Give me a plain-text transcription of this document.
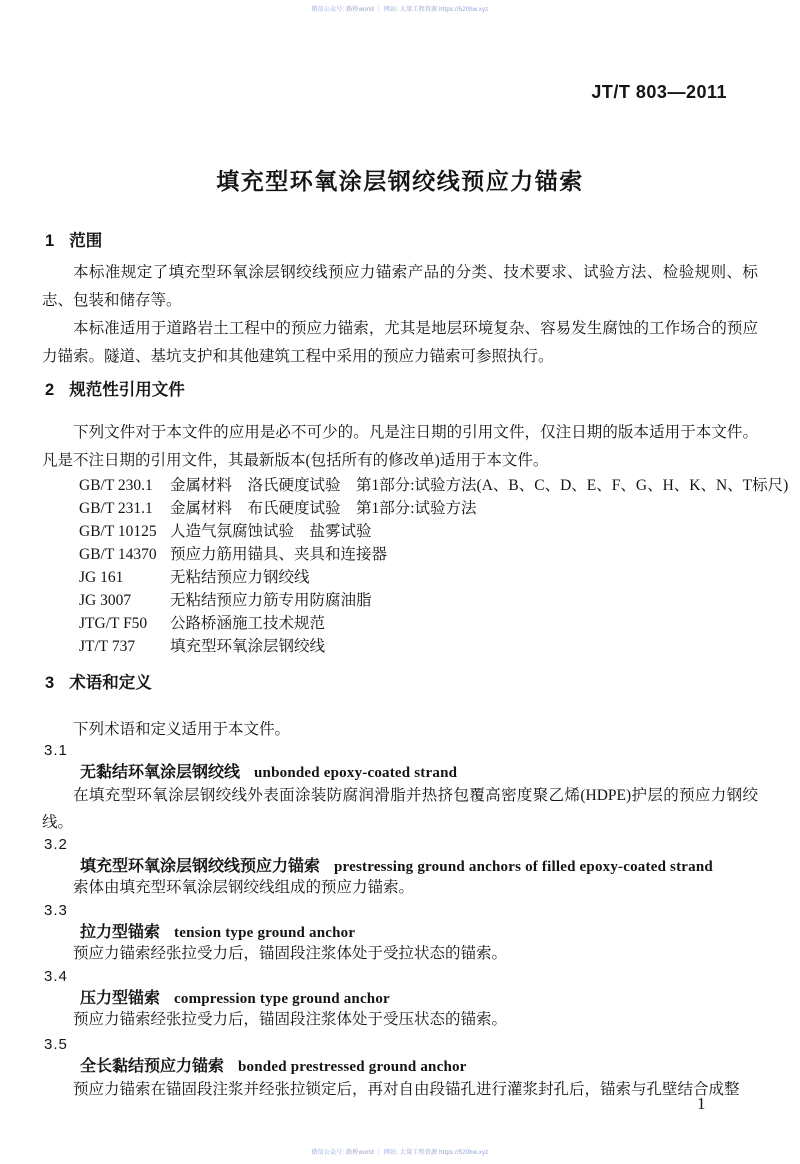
微信公众号: 路桥world ｜ 网站: 大量工程资源 https://520hw.xyz
JT/T 803—2011
填充型环氧涂层钢绞线预应力锚索
1 范围

本标准规定了填充型环氧涂层钢绞线预应力锚索产品的分类、技术要求、试验方法、检验规则、标志、包装和储存等。

本标准适用于道路岩土工程中的预应力锚索，尤其是地层环境复杂、容易发生腐蚀的工作场合的预应力锚索。隧道、基坑支护和其他建筑工程中采用的预应力锚索可参照执行。

2 规范性引用文件

下列文件对于本文件的应用是必不可少的。凡是注日期的引用文件，仅注日期的版本适用于本文件。凡是不注日期的引用文件，其最新版本(包括所有的修改单)适用于本文件。

GB/T 230.1 金属材料　洛氏硬度试验　第1部分:试验方法(A、B、C、D、E、F、G、H、K、N、T标尺)
GB/T 231.1 金属材料　布氏硬度试验　第1部分:试验方法
GB/T 10125 人造气氛腐蚀试验　盐雾试验
GB/T 14370 预应力筋用锚具、夹具和连接器
JG 161	无粘结预应力钢绞线
JG 3007	无粘结预应力筋专用防腐油脂
JTG/T F50 公路桥涵施工技术规范
JT/T 737 填充型环氧涂层钢绞线
3 术语和定义

下列术语和定义适用于本文件。

3.1
无黏结环氧涂层钢绞线 unbonded epoxy-coated strand

在填充型环氧涂层钢绞线外表面涂装防腐润滑脂并热挤包覆高密度聚乙烯(HDPE)护层的预应力钢绞线。

3.2
填充型环氧涂层钢绞线预应力锚索 prestressing ground anchors of filled epoxy-coated strand

索体由填充型环氧涂层钢绞线组成的预应力锚索。

3.3
拉力型锚索 tension type ground anchor

预应力锚索经张拉受力后，锚固段注浆体处于受拉状态的锚索。

3.4
压力型锚索 compression type ground anchor

预应力锚索经张拉受力后，锚固段注浆体处于受压状态的锚索。

3.5
全长黏结预应力锚索 bonded prestressed ground anchor

预应力锚索在锚固段注浆并经张拉锁定后，再对自由段锚孔进行灌浆封孔后，锚索与孔壁结合成整

1
微信公众号: 路桥world ｜ 网站: 大量工程资源 https://520hw.xyz
